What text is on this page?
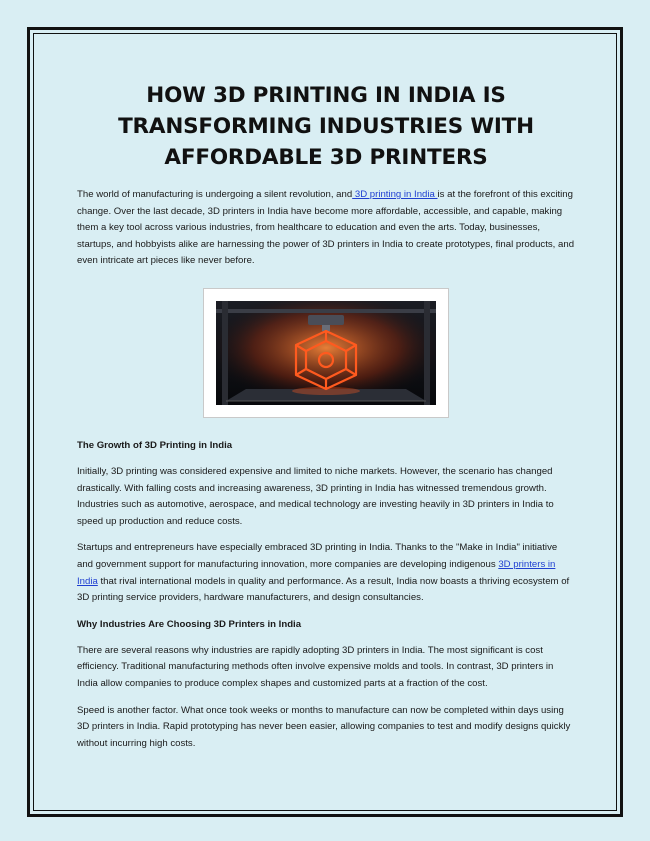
HOW 3D PRINTING IN INDIA IS TRANSFORMING INDUSTRIES WITH AFFORDABLE 3D PRINTERS

The world of manufacturing is undergoing a silent revolution, and 3D printing in India is at the forefront of this exciting change. Over the last decade, 3D printers in India have become more affordable, accessible, and capable, making them a key tool across various industries, from healthcare to education and even the arts. Today, businesses, startups, and hobbyists alike are harnessing the power of 3D printers in India to create prototypes, final products, and even intricate art pieces like never before.

The Growth of 3D Printing in India

Initially, 3D printing was considered expensive and limited to niche markets. However, the scenario has changed drastically. With falling costs and increasing awareness, 3D printing in India has witnessed tremendous growth. Industries such as automotive, aerospace, and medical technology are investing heavily in 3D printers in India to speed up production and reduce costs.

Startups and entrepreneurs have especially embraced 3D printing in India. Thanks to the "Make in India" initiative and government support for manufacturing innovation, more companies are developing indigenous 3D printers in India that rival international models in quality and performance. As a result, India now boasts a thriving ecosystem of 3D printing service providers, hardware manufacturers, and design consultancies.

Why Industries Are Choosing 3D Printers in India

There are several reasons why industries are rapidly adopting 3D printers in India. The most significant is cost efficiency. Traditional manufacturing methods often involve expensive molds and tools. In contrast, 3D printers in India allow companies to produce complex shapes and customized parts at a fraction of the cost.

Speed is another factor. What once took weeks or months to manufacture can now be completed within days using 3D printers in India. Rapid prototyping has never been easier, allowing companies to test and modify designs quickly without incurring high costs.
